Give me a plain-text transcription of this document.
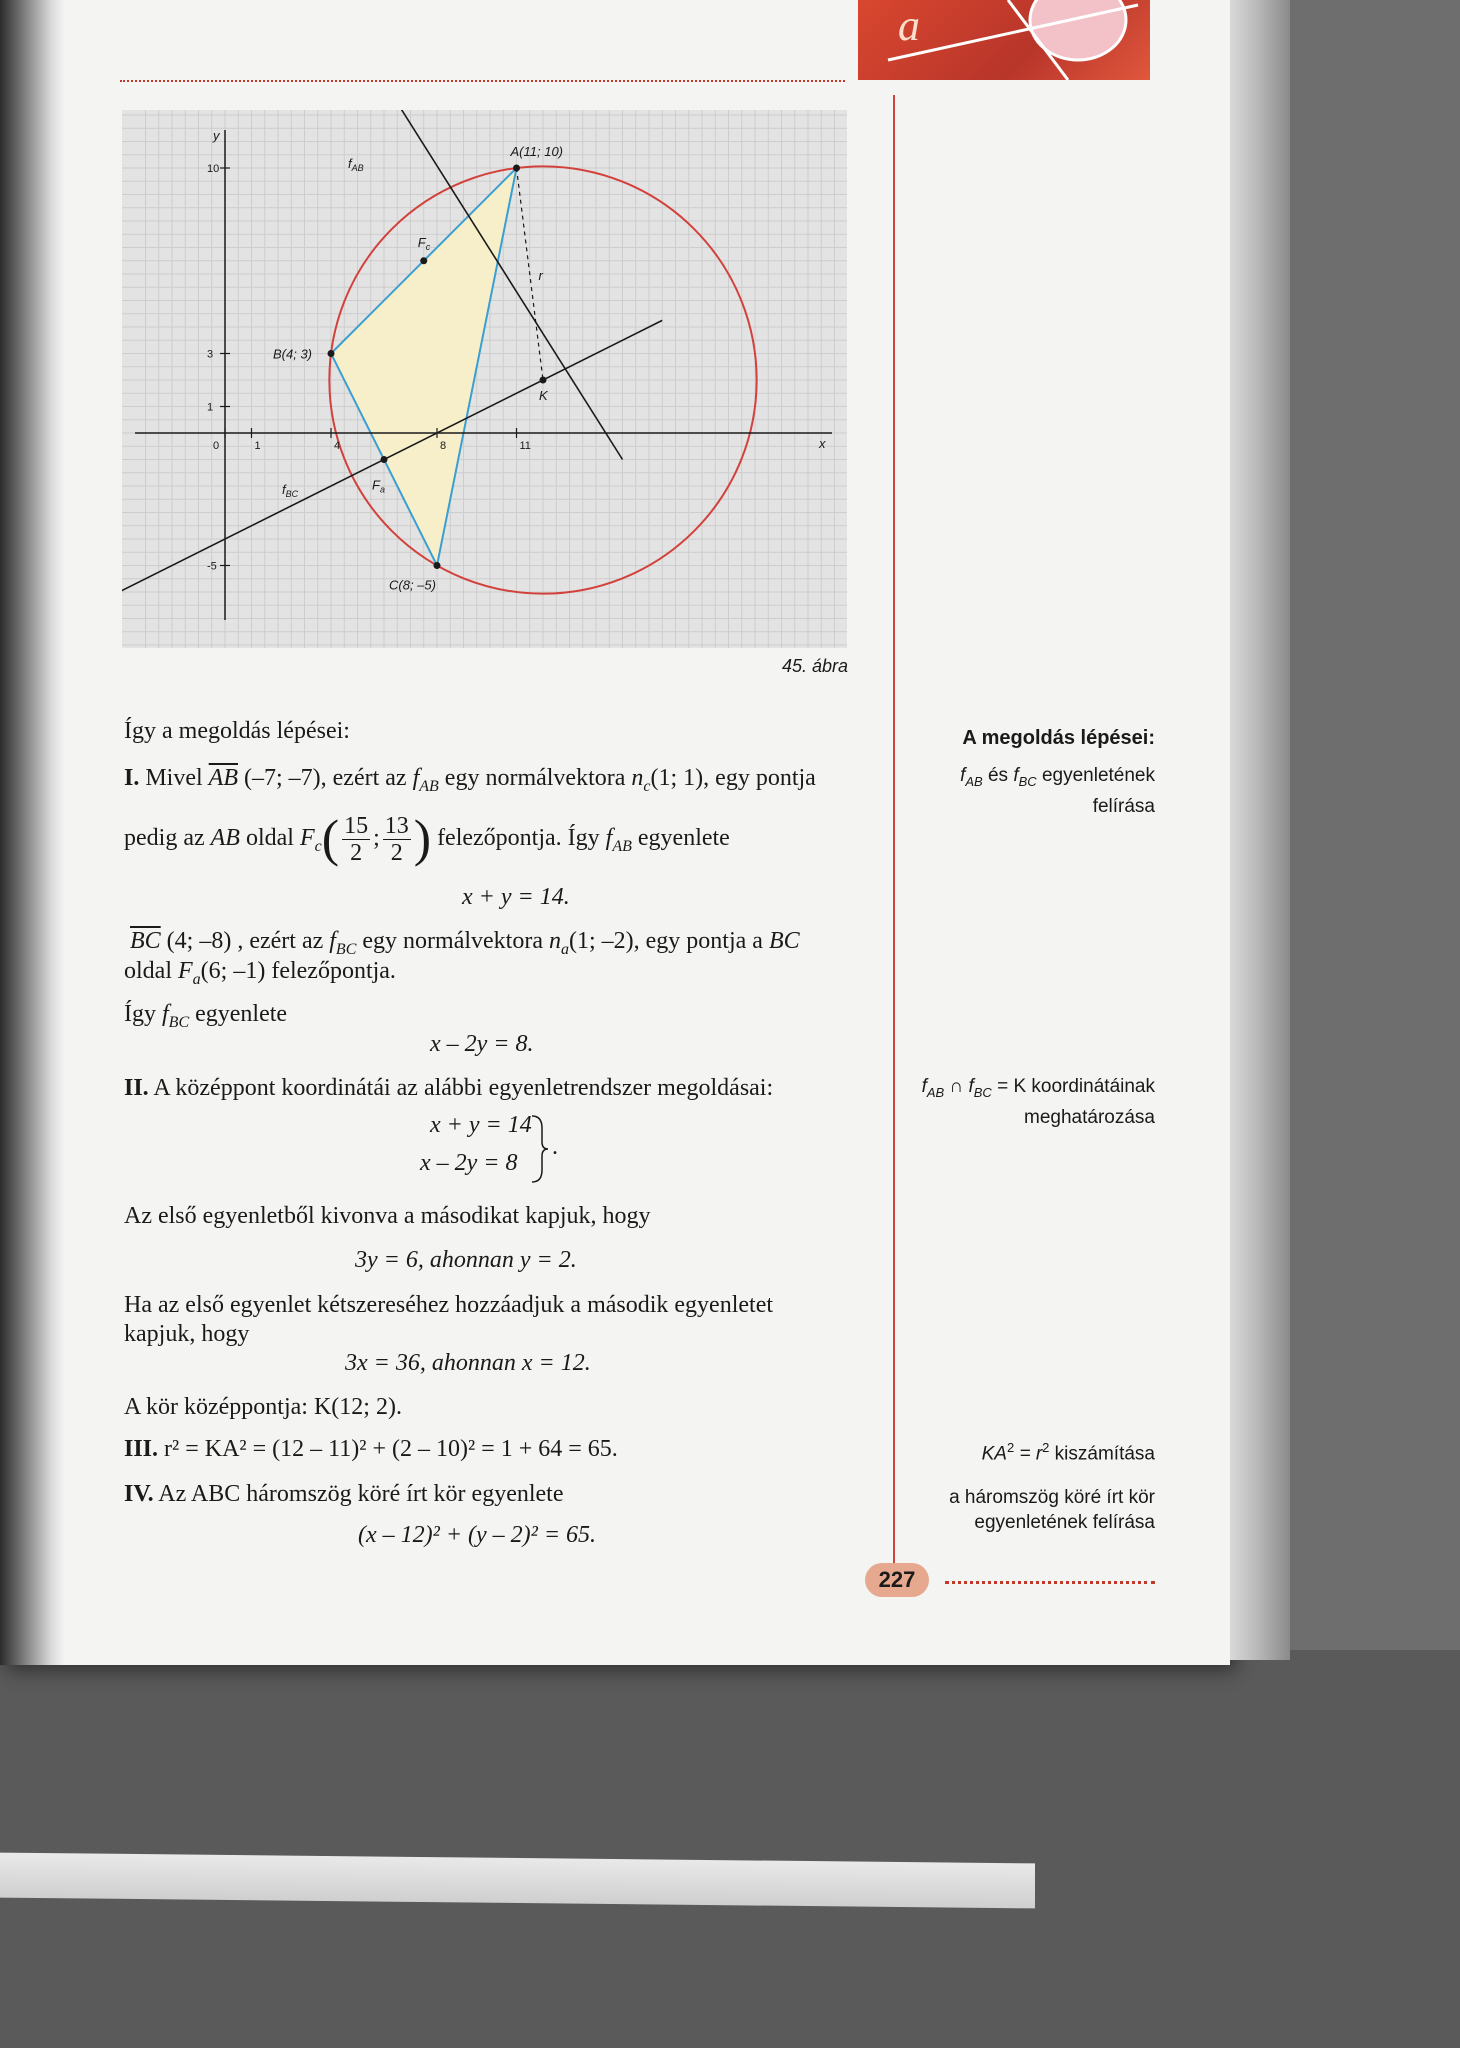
a
0	1	4	8	11
10
3
1
-5
A(11; 10)
B(4; 3)
C(8; –5)
K
r
$F_c$
$F_a$
$f_{AB}$
$f_{BC}$
x
y
45. ábra
Így a megoldás lépései:
I. Mivel $\overline{AB}$ (–7; –7), ezért az $f_{AB}$ egy normálvektora $n_c(1$; 1), egy pontja
pedig az AB oldal $F_c( \frac{15}{2}$ ; $\frac{13}{2}$ ) felezőpontja. Így $f_{AB}$ egyenlete
x + y = 14.
$\overline{BC}$ (4; –8) , ezért az $f_{BC}$ egy normálvektora $n_a(1$; –2), egy pontja a BC
oldal $F_a(6$; –1) felezőpontja.
Így $f_{BC}$ egyenlete
x – 2y = 8.
II. A középpont koordinátái az alábbi egyenletrendszer megoldásai:
x + y = 14
x – 2y = 8
.
Az első egyenletből kivonva a másodikat kapjuk, hogy
3y = 6, ahonnan y = 2.
Ha az első egyenlet kétszereséhez hozzáadjuk a második egyenletet
kapjuk, hogy
3x = 36, ahonnan x = 12.
A kör középpontja: K(12; 2).
III. r² = KA² = (12 – 11)² + (2 – 10)² = 1 + 64 = 65.
IV. Az ABC háromszög köré írt kör egyenlete
(x – 12)² + (y – 2)² = 65.
A megoldás lépései:
$f_{AB}$ és $f_{BC}$ egyenletének
felírása
$f_{AB}$ ∩ $f_{BC} = K$ koordinátáinak
meghatározása
$KA^2 = r^2$ kiszámítása
a háromszög köré írt kör
egyenletének felírása
227
